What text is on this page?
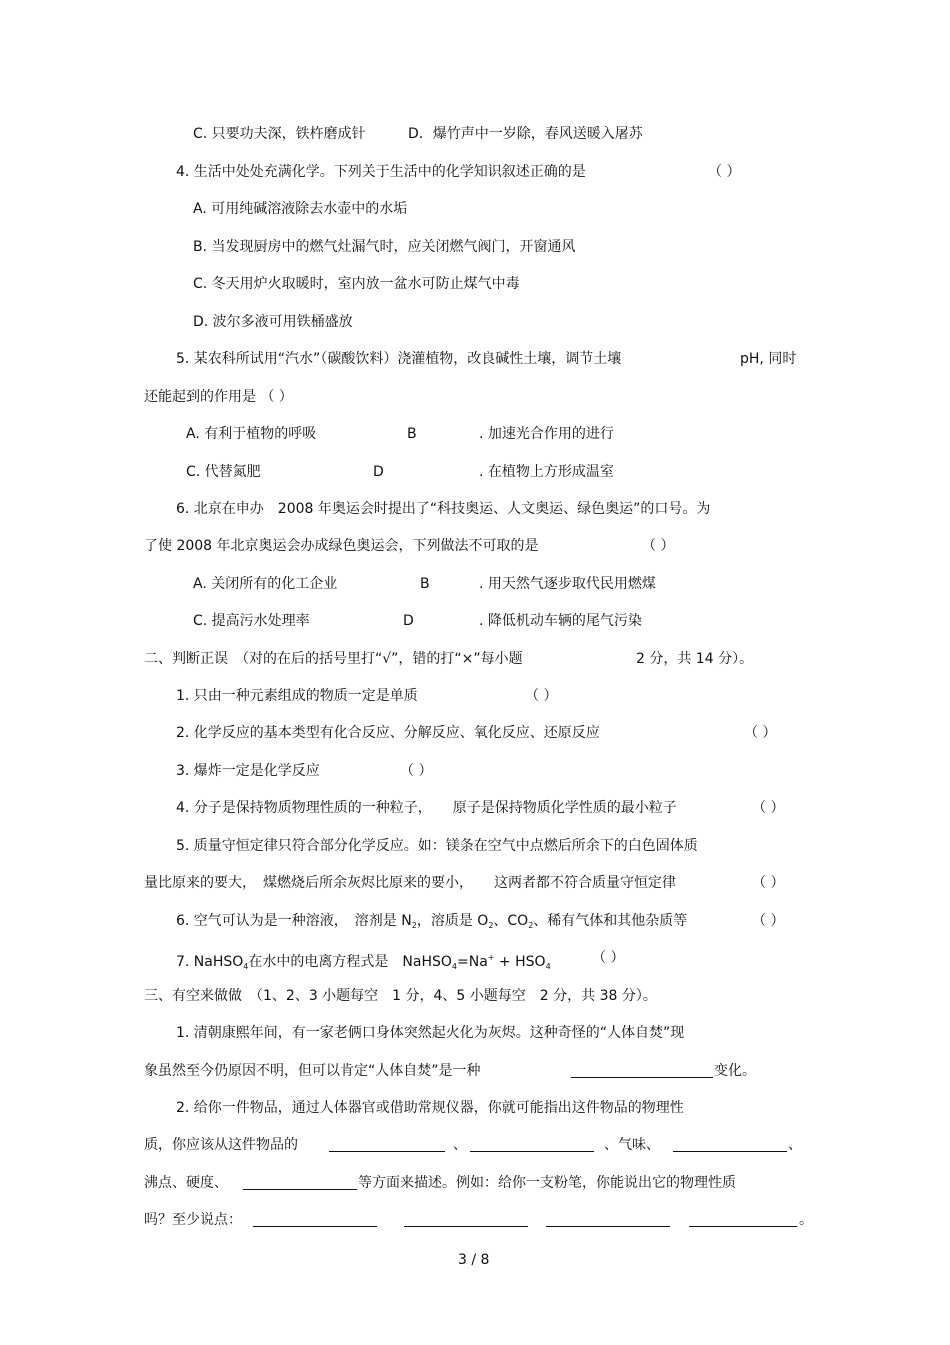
C. 只要功夫深，铁杵磨成针	D．爆竹声中一岁除，春风送暖入屠苏
4. 生活中处处充满化学。下列关于生活中的化学知识叙述正确的是	（ ）
A. 可用纯碱溶液除去水壶中的水垢
B. 当发现厨房中的燃气灶漏气时，应关闭燃气阀门，开窗通风
C. 冬天用炉火取暖时，室内放一盆水可防止煤气中毒
D. 波尔多液可用铁桶盛放
5. 某农科所试用“汽水”（碳酸饮料）浇灌植物，改良碱性土壤，调节土壤	pH, 同时
还能起到的作用是 （ ）
A. 有利于植物的呼吸	B	. 加速光合作用的进行
C. 代替氮肥	D	. 在植物上方形成温室
6. 北京在申办　2008 年奥运会时提出了“科技奥运、人文奥运、绿色奥运”的口号。为
了使 2008 年北京奥运会办成绿色奥运会，下列做法不可取的是	（ ）
A. 关闭所有的化工企业	B	. 用天然气逐步取代民用燃煤
C. 提高污水处理率	D	. 降低机动车辆的尾气污染
二、判断正误　（对的在后的括号里打“√”，错的打“×”每小题	2 分，共 14 分）。
1. 只由一种元素组成的物质一定是单质	（ ）
2. 化学反应的基本类型有化合反应、分解反应、氧化反应、还原反应	（ ）
3. 爆炸一定是化学反应	（ ）
4. 分子是保持物质物理性质的一种粒子，　　原子是保持物质化学性质的最小粒子	（ ）
5. 质量守恒定律只符合部分化学反应。如：镁条在空气中点燃后所余下的白色固体质
量比原来的要大，　煤燃烧后所余灰烬比原来的要小，　　这两者都不符合质量守恒定律	（ ）
6. 空气可认为是一种溶液，　溶剂是 $N_2$，溶质是 $O_2$、$CO_2$、稀有气体和其他杂质等	（ ）
7. NaHSO$_4$在水中的电离方程式是　NaHSO$_4$=Na+ + $HSO_4$
（ ）
三、有空来做做　（1、2、3 小题每空　1 分，4、5 小题每空　2 分，共 38 分）。
1. 清朝康熙年间，有一家老俩口身体突然起火化为灰烬。这种奇怪的“人体自焚”现
象虽然至今仍原因不明，但可以肯定“人体自焚”是一种	变化。
2. 给你一件物品，通过人体器官或借助常规仪器，你就可能指出这件物品的物理性
质，你应该从这件物品的	、	、气味、	、
沸点、硬度、	等方面来描述。例如：给你一支粉笔，你能说出它的物理性质
吗？至少说点：	。
3 / 8
